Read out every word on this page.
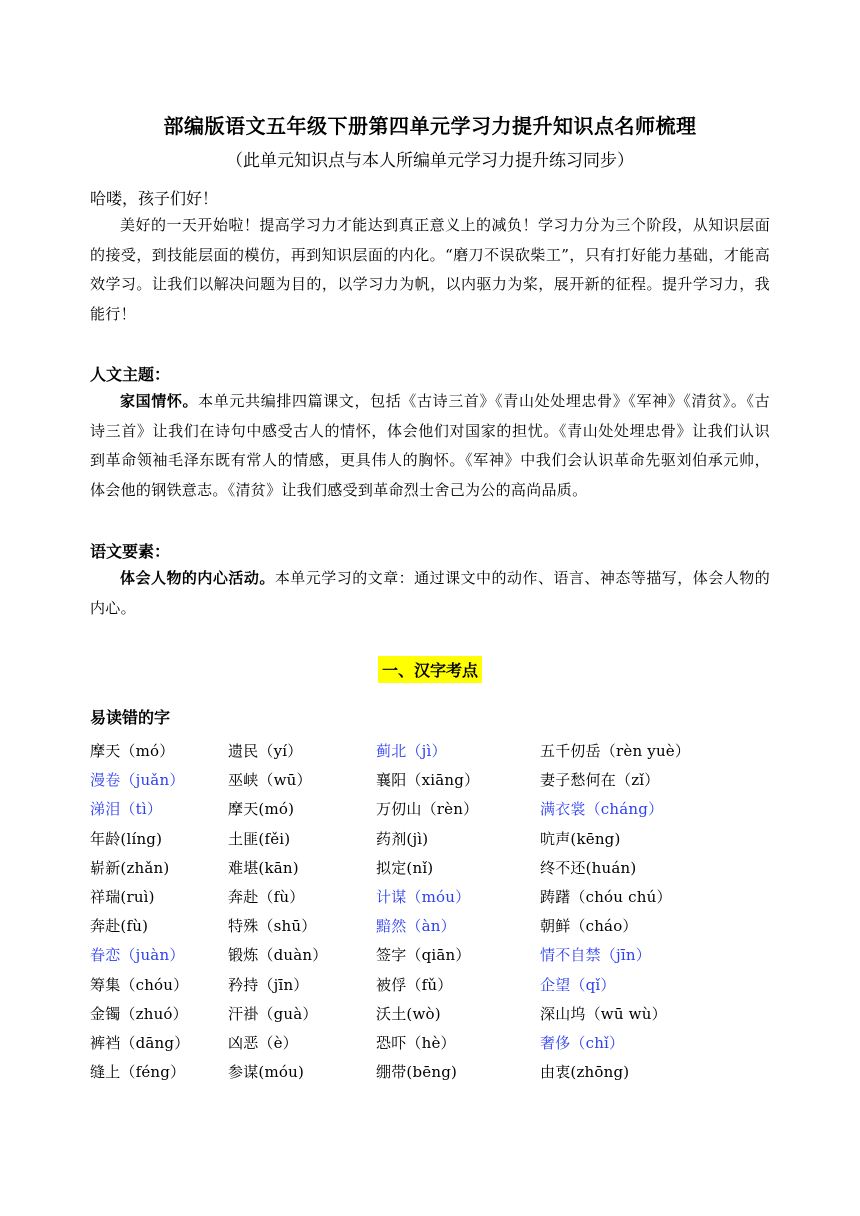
部编版语文五年级下册第四单元学习力提升知识点名师梳理
（此单元知识点与本人所编单元学习力提升练习同步）
哈喽，孩子们好！
美好的一天开始啦！提高学习力才能达到真正意义上的减负！学习力分为三个阶段，从知识层面的接受，到技能层面的模仿，再到知识层面的内化。“磨刀不误砍柴工”，只有打好能力基础，才能高效学习。让我们以解决问题为目的，以学习力为帆，以内驱力为桨，展开新的征程。提升学习力，我能行！
人文主题：
家国情怀。本单元共编排四篇课文，包括《古诗三首》《青山处处埋忠骨》《军神》《清贫》。《古诗三首》让我们在诗句中感受古人的情怀，体会他们对国家的担忧。《青山处处埋忠骨》让我们认识到革命领袖毛泽东既有常人的情感，更具伟人的胸怀。《军神》中我们会认识革命先驱刘伯承元帅，体会他的钢铁意志。《清贫》让我们感受到革命烈士舍己为公的高尚品质。
语文要素：
体会人物的内心活动。本单元学习的文章：通过课文中的动作、语言、神态等描写，体会人物的内心。
一、汉字考点
易读错的字
摩天（mó）	遗民（yí）	蓟北（jì）	五千仞岳（rèn yuè）
漫卷（juǎn）	巫峡（wū）	襄阳（xiāng）	妻子愁何在（zǐ）
涕泪（tì）	摩天(mó)	万仞山（rèn）	满衣裳（cháng）
年龄(líng)	土匪(fěi)	药剂(jì)	吭声(kēng)
崭新(zhǎn)	难堪(kān)	拟定(nǐ)	终不还(huán)
祥瑞(ruì)	奔赴（fù）	计谋（móu）	踌躇（chóu chú）
奔赴(fù)	特殊（shū）	黯然（àn）	朝鲜（cháo）
眷恋（juàn）	锻炼（duàn）	签字（qiān）	情不自禁（jīn）
筹集（chóu）	矜持（jīn）	被俘（fǔ）	企望（qǐ）
金镯（zhuó）	汗褂（guà）	沃土(wò)	深山坞（wū wù）
裤裆（dāng）	凶恶（è）	恐吓（hè）	奢侈（chǐ）
缝上（féng）	参谋(móu)	绷带(bēng)	由衷(zhōng)
